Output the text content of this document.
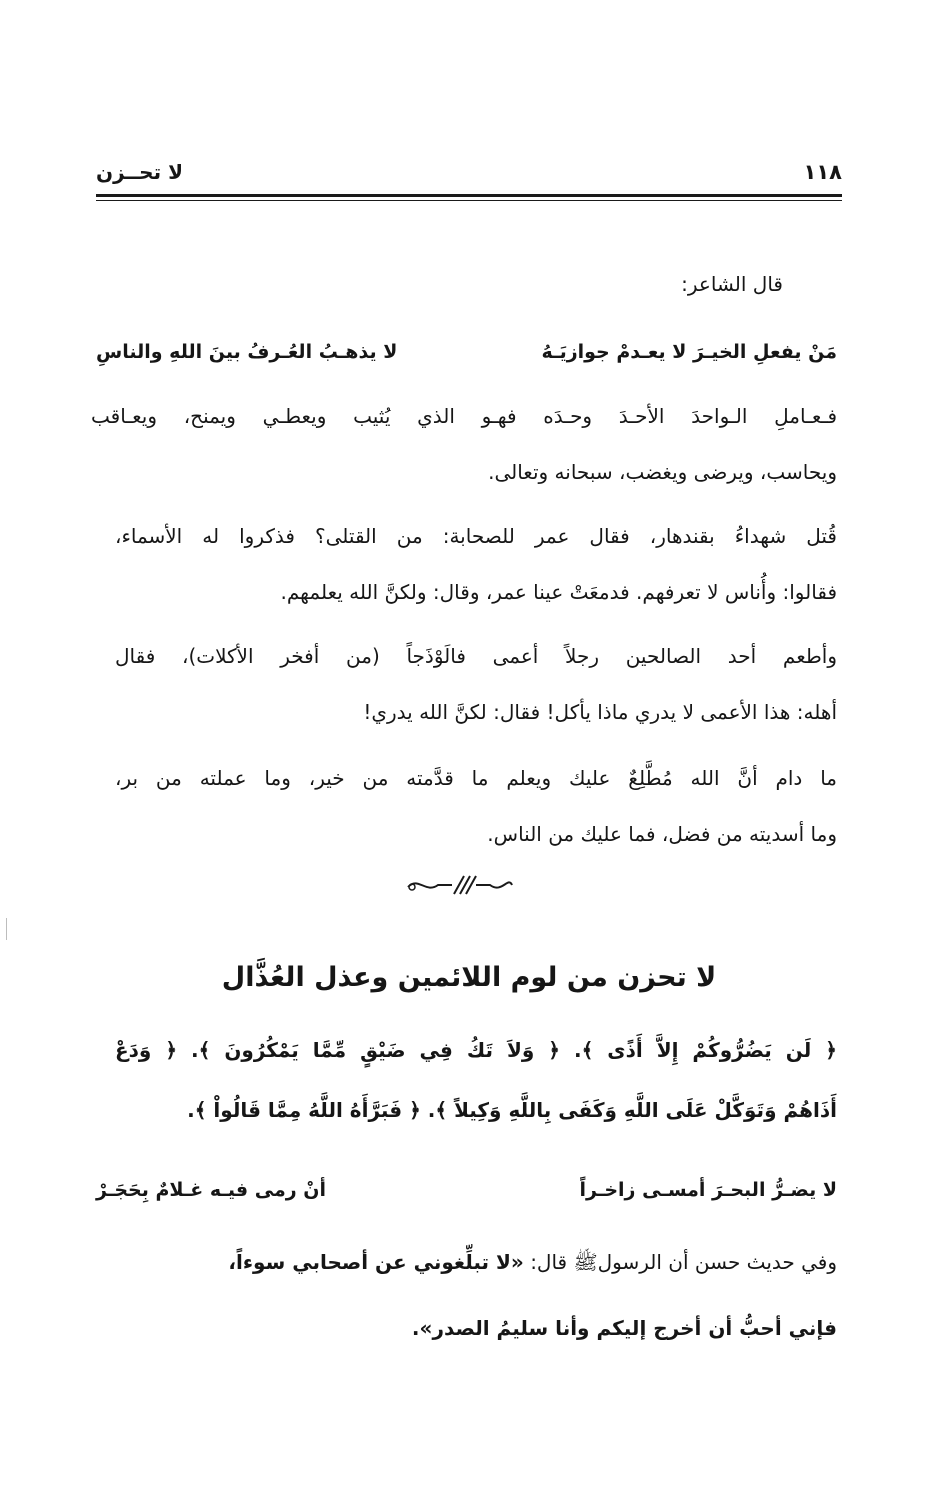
١١٨
لا تحــزن
قال الشاعر:
مَنْ يفعلِ الخيـرَ لا يعـدمْ جوازيَـهُ
لا يذهـبُ العُـرفُ بينَ اللهِ والناسِ
فـعـاملِ الـواحدَ الأحـدَ وحـدَه فهـو الذي يُثيب ويعطـي ويمنح، ويعـاقب
ويحاسب، ويرضى ويغضب، سبحانه وتعالى.
قُتل شهداءُ بقندهار، فقال عمر للصحابة: من القتلى؟ فذكروا له الأسماء،
فقالوا: وأُناس لا تعرفهم. فدمعَتْ عينا عمر، وقال: ولكنَّ الله يعلمهم.
وأطعم أحد الصالحين رجلاً أعمى فالَوْذَجاً (من أفخر الأكلات)، فقال
أهله: هذا الأعمى لا يدري ماذا يأكل! فقال: لكنَّ الله يدري!
ما دام أنَّ الله مُطَّلِعٌ عليك ويعلم ما قدَّمته من خير، وما عملته من بر،
وما أسديته من فضل، فما عليك من الناس.
لا تحزن من لوم اللائمين وعذل العُذَّال
﴿ لَن يَضُرُّوكُمْ إِلاَّ أَذًى ﴾. ﴿ وَلاَ تَكُ فِي ضَيْقٍ مِّمَّا يَمْكُرُونَ ﴾. ﴿ وَدَعْ
أَذَاهُمْ وَتَوَكَّلْ عَلَى اللَّهِ وَكَفَى بِاللَّهِ وَكِيلاً ﴾. ﴿ فَبَرَّأَهُ اللَّهُ مِمَّا قَالُواْ ﴾.
لا يضـرُّ البحـرَ أمسـى زاخـراً
أنْ رمى فيـه غـلامٌ بِحَجَـرْ
وفي حديث حسن أن الرسولﷺ قال: «لا تبلِّغوني عن أصحابي سوءاً،
فإني أحبُّ أن أخرج إليكم وأنا سليمُ الصدر».
